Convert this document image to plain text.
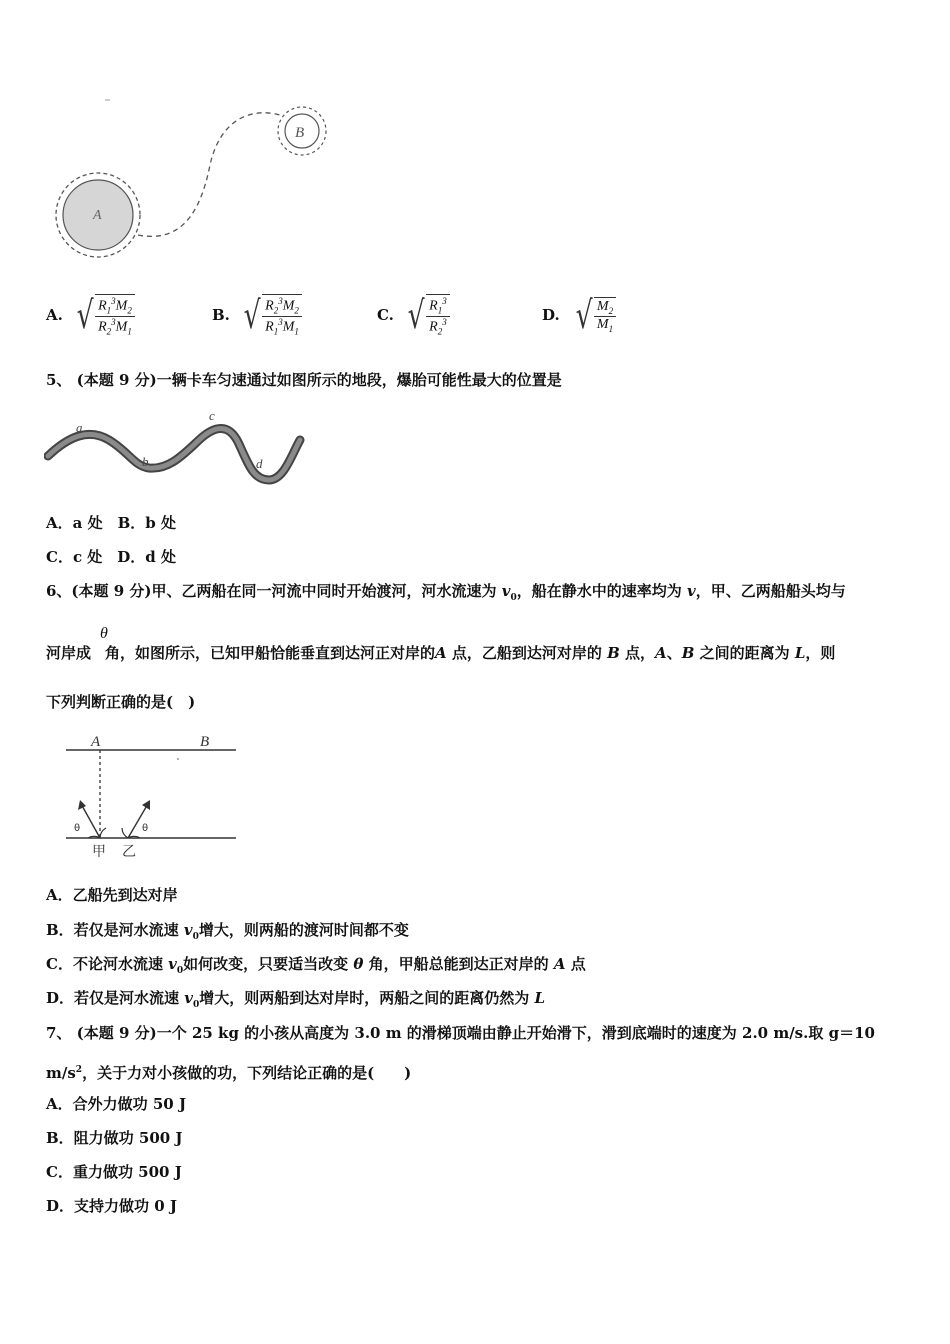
A
B
A. √ $\frac{R_1^3M_2}{R_2^3M_1}$	B. √ $\frac{R_2^3M_2}{R_1^3M_1}$	C. √ $\frac{R_1^3}{R_2^3}$	D. √ $\frac{M_2}{M_1}$
5、 (本题 9 分)一辆卡车匀速通过如图所示的地段，爆胎可能性最大的位置是
a
b
c
d
A．a 处　B．b 处
C．c 处　D．d 处
6、(本题 9 分)甲、乙两船在同一河流中同时开始渡河，河水流速为 $v_0$，船在静水中的速率均为 v，甲、乙两船船头均与
θ
河岸成 角，如图所示，已知甲船恰能垂直到达河正对岸的A 点，乙船到达河对岸的 B 点，A、B 之间的距离为 L，则
下列判断正确的是(　)
A	B
θ
甲
θ
乙
A．乙船先到达对岸
B．若仅是河水流速 $v_0$增大，则两船的渡河时间都不变
C．不论河水流速 $v_0$如何改变，只要适当改变 θ 角，甲船总能到达正对岸的 A 点
D．若仅是河水流速 $v_0$增大，则两船到达对岸时，两船之间的距离仍然为 L
7、 (本题 9 分)一个 25 kg 的小孩从高度为 3.0 m 的滑梯顶端由静止开始滑下，滑到底端时的速度为 2.0 m/s.取 g＝10
$m/s^2$，关于力对小孩做的功，下列结论正确的是(　　)
A．合外力做功 50 J
B．阻力做功 500 J
C．重力做功 500 J
D．支持力做功 0 J
